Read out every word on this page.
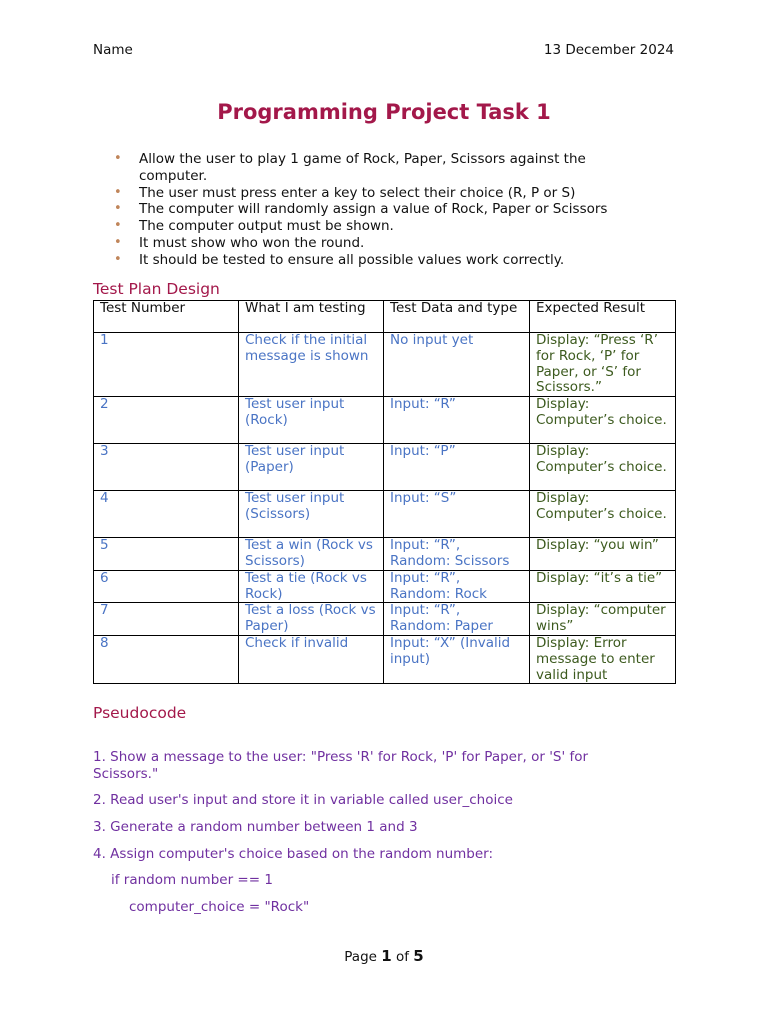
Name	13 December 2024
Programming Project Task 1
• Allow the user to play 1 game of Rock, Paper, Scissors against the computer.
• The user must press enter a key to select their choice (R, P or S)
• The computer will randomly assign a value of Rock, Paper or Scissors
• The computer output must be shown.
• It must show who won the round.
• It should be tested to ensure all possible values work correctly.
Test Plan Design
Test Number	What I am testing	Test Data and type	Expected Result
1	Check if the initial message is shown	No input yet	Display: “Press ‘R’ for Rock, ‘P’ for Paper, or ‘S’ for Scissors.”
2	Test user input (Rock)	Input: “R”	Display: Computer’s choice.
3	Test user input (Paper)	Input: “P”	Display: Computer’s choice.
4	Test user input (Scissors)	Input: “S”	Display: Computer’s choice.
5	Test a win (Rock vs Scissors)	Input: “R”, Random: Scissors	Display: “you win”
6	Test a tie (Rock vs Rock)	Input: “R”, Random: Rock	Display: “it’s a tie”
7	Test a loss (Rock vs Paper)	Input: “R”, Random: Paper	Display: “computer wins”
8	Check if invalid	Input: “X” (Invalid input)	Display: Error message to enter valid input
Pseudocode

1. Show a message to the user: "Press 'R' for Rock, 'P' for Paper, or 'S' for Scissors."

2. Read user's input and store it in variable called user_choice

3. Generate a random number between 1 and 3

4. Assign computer's choice based on the random number:

if random number == 1

computer_choice = "Rock"

Page 1 of 5
